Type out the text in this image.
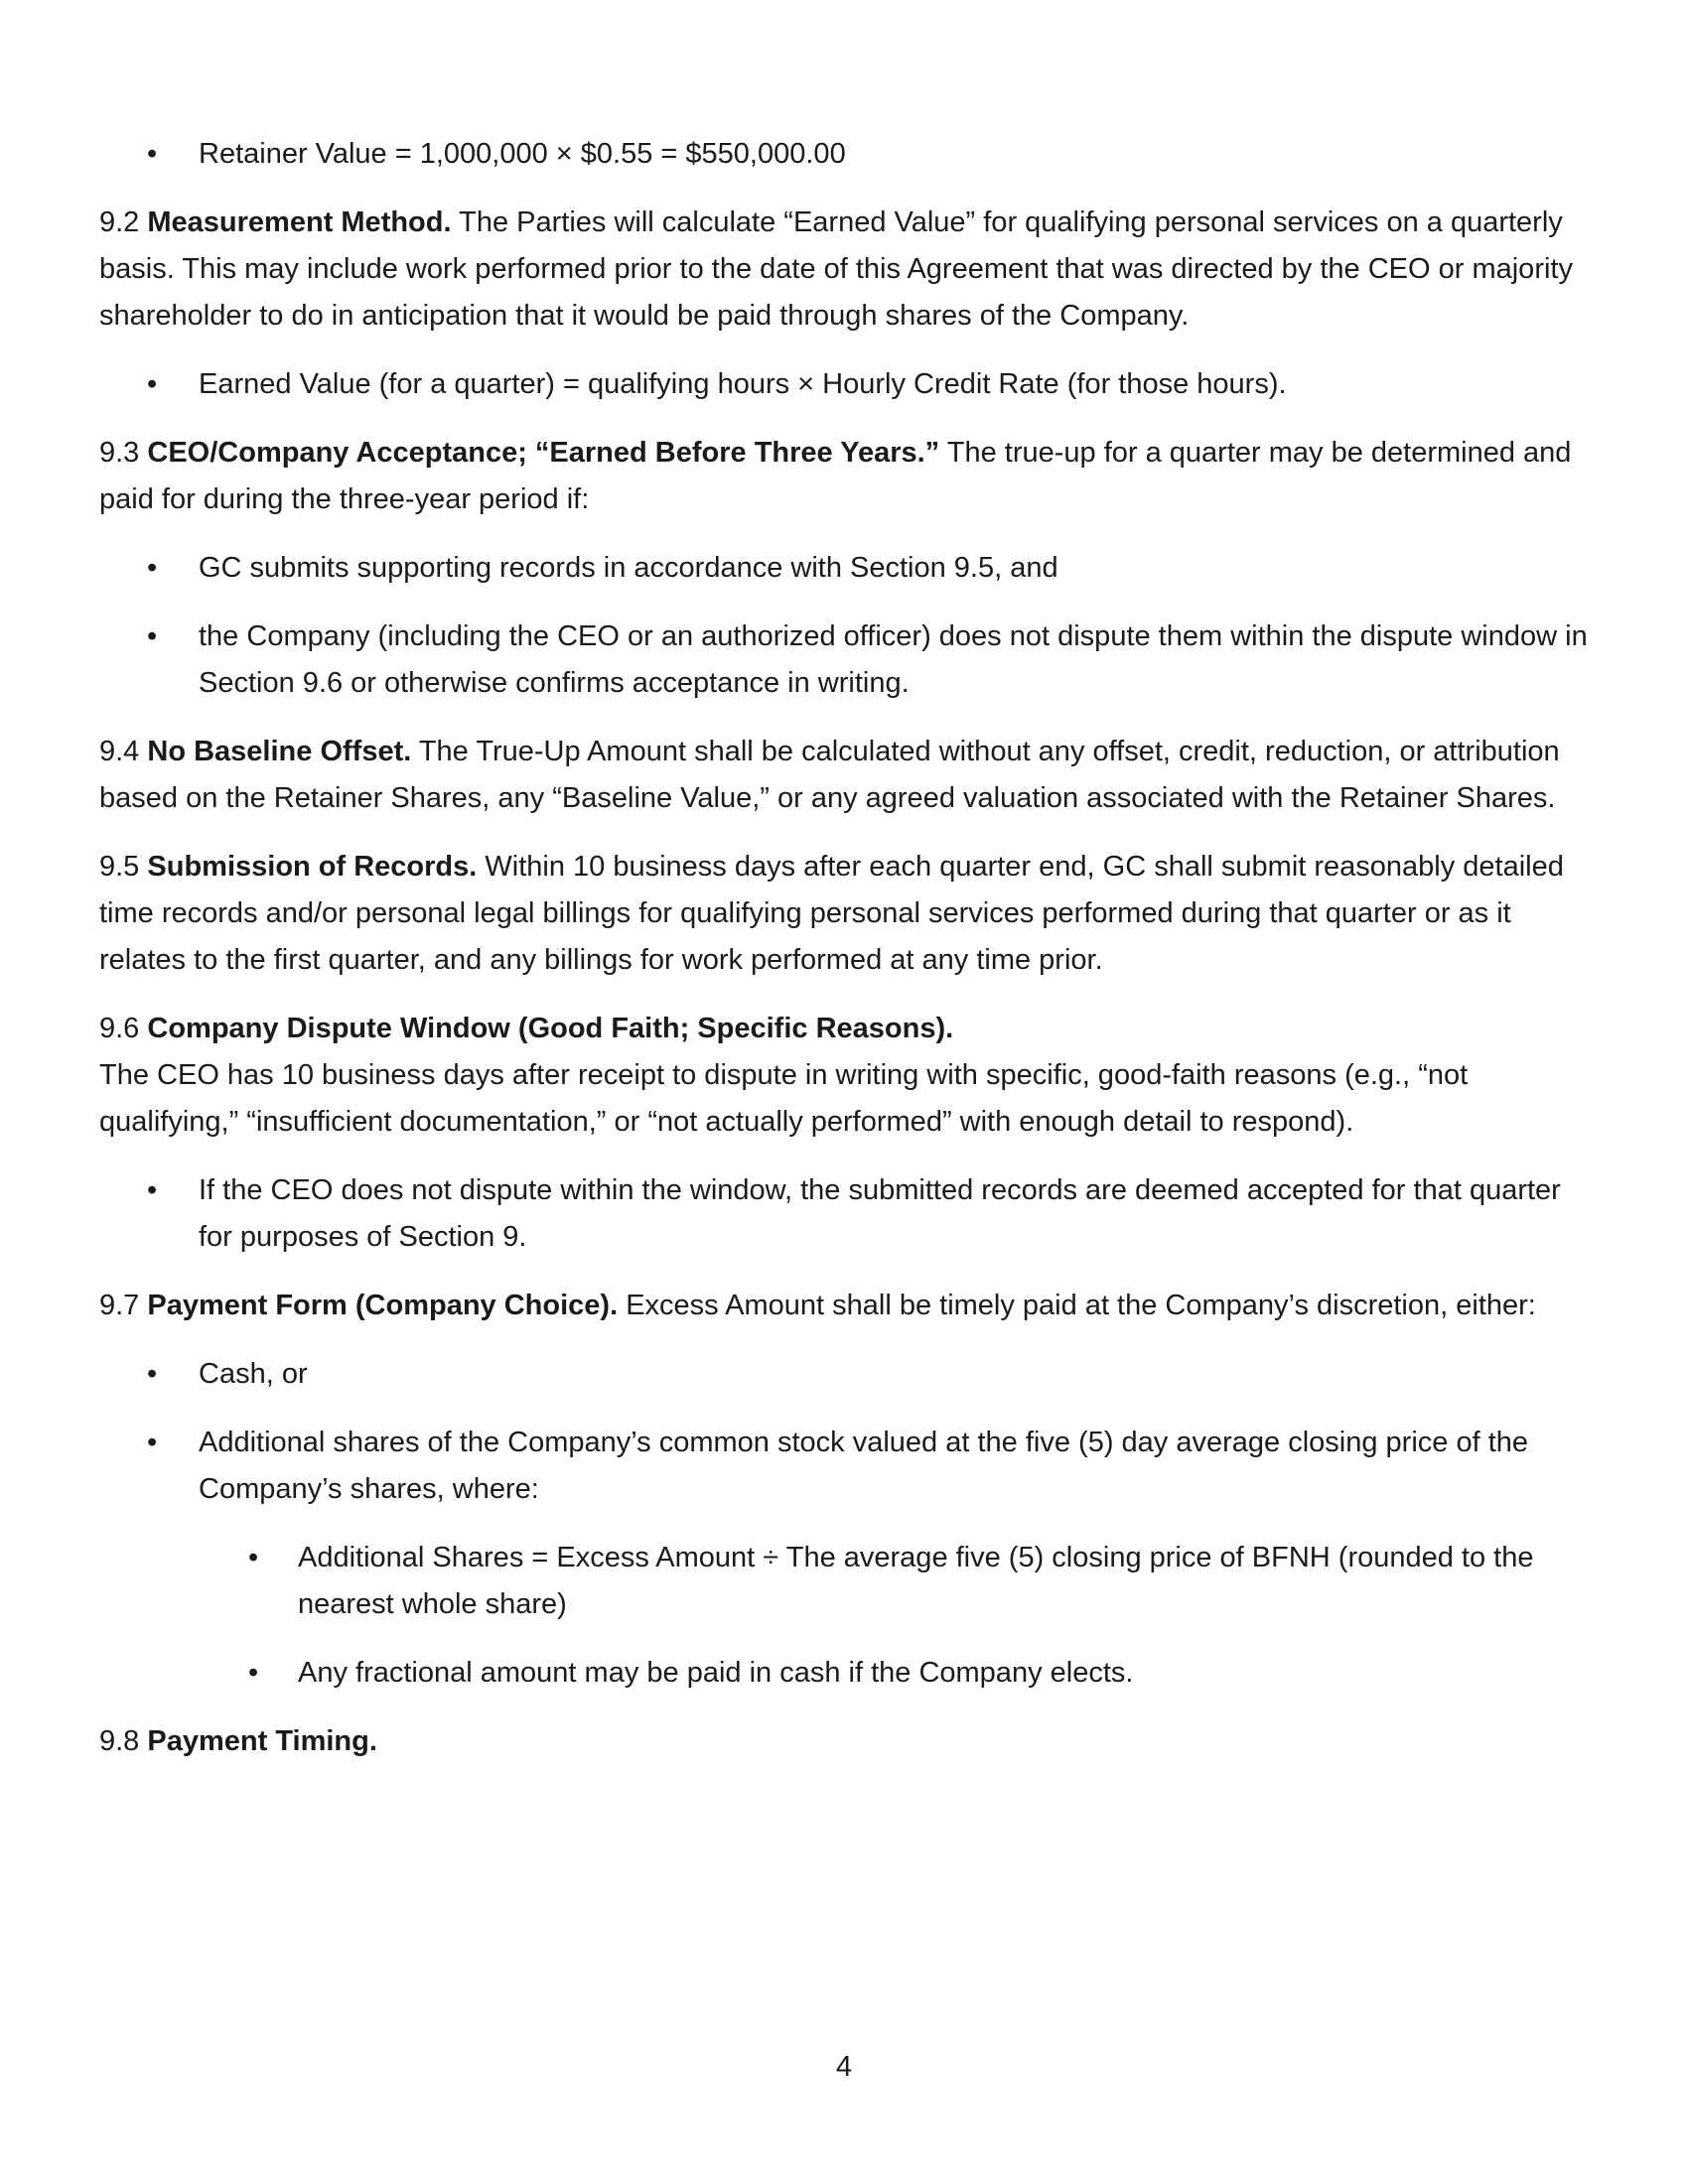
• Retainer Value = 1,000,000 × $0.55 = $550,000.00

9.2 Measurement Method. The Parties will calculate “Earned Value” for qualifying personal services on a quarterly basis. This may include work performed prior to the date of this Agreement that was directed by the CEO or majority shareholder to do in anticipation that it would be paid through shares of the Company.

• Earned Value (for a quarter) = qualifying hours × Hourly Credit Rate (for those hours).

9.3 CEO/Company Acceptance; “Earned Before Three Years.” The true-up for a quarter may be determined and paid for during the three-year period if:

• GC submits supporting records in accordance with Section 9.5, and
• the Company (including the CEO or an authorized officer) does not dispute them within the dispute window in Section 9.6 or otherwise confirms acceptance in writing.

9.4 No Baseline Offset. The True-Up Amount shall be calculated without any offset, credit, reduction, or attribution based on the Retainer Shares, any “Baseline Value,” or any agreed valuation associated with the Retainer Shares.

9.5 Submission of Records. Within 10 business days after each quarter end, GC shall submit reasonably detailed time records and/or personal legal billings for qualifying personal services performed during that quarter or as it relates to the first quarter, and any billings for work performed at any time prior.

9.6 Company Dispute Window (Good Faith; Specific Reasons).
The CEO has 10 business days after receipt to dispute in writing with specific, good-faith reasons (e.g., “not qualifying,” “insufficient documentation,” or “not actually performed” with enough detail to respond).

• If the CEO does not dispute within the window, the submitted records are deemed accepted for that quarter for purposes of Section 9.

9.7 Payment Form (Company Choice). Excess Amount shall be timely paid at the Company’s discretion, either:

• Cash, or
• Additional shares of the Company’s common stock valued at the five (5) day average closing price of the Company’s shares, where:
• Additional Shares = Excess Amount ÷ The average five (5) closing price of BFNH (rounded to the nearest whole share)
• Any fractional amount may be paid in cash if the Company elects.

9.8 Payment Timing.

4
